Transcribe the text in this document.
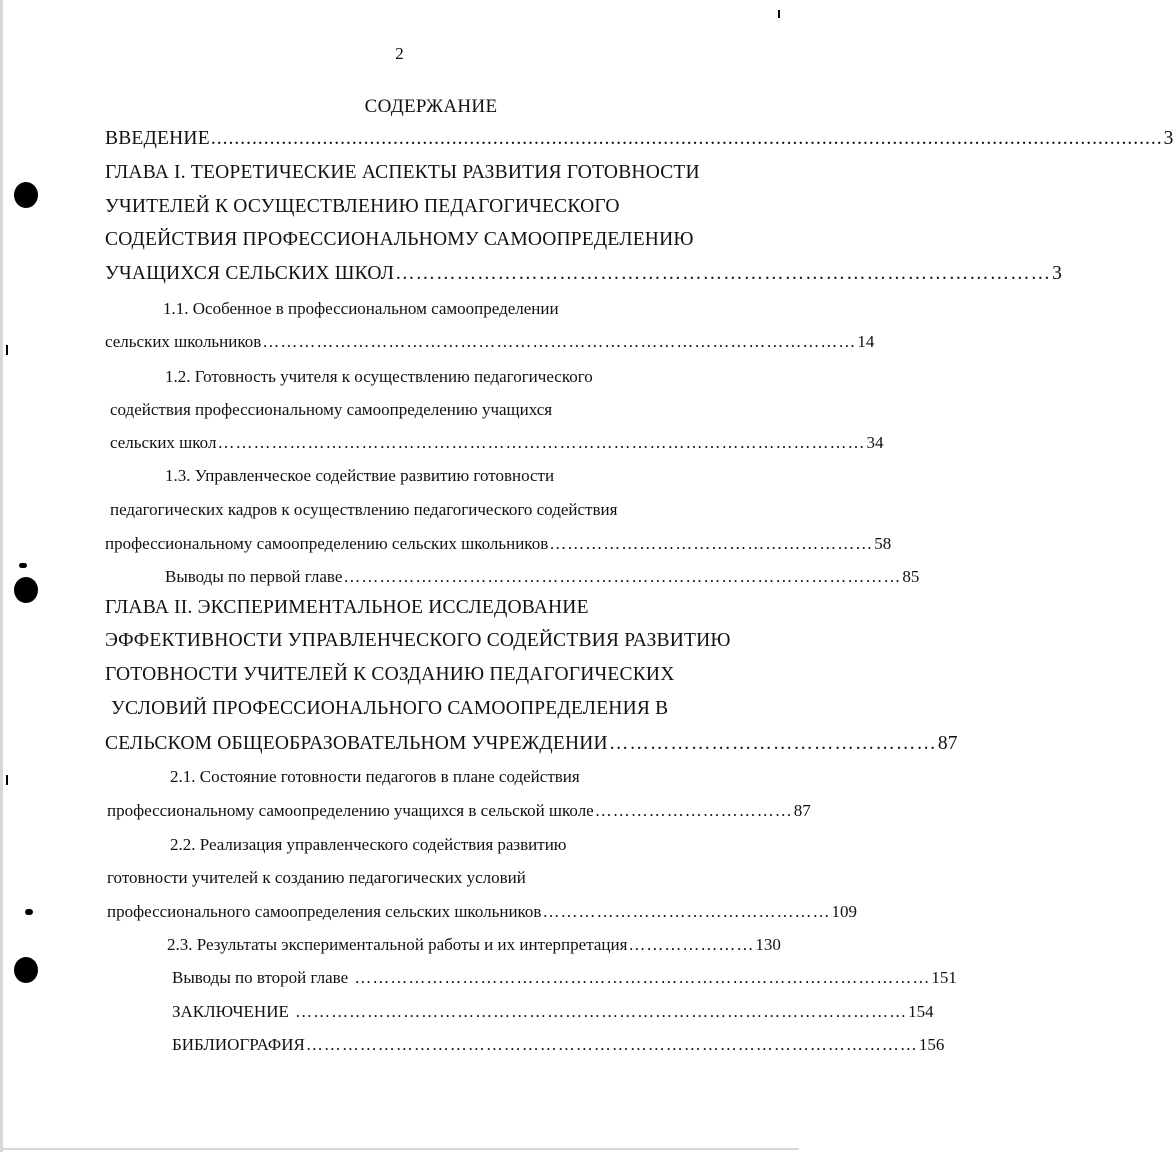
2
СОДЕРЖАНИЕ
ВВЕДЕНИЕ .................................................................................................................................................................. 3
ГЛАВА I. ТЕОРЕТИЧЕСКИЕ АСПЕКТЫ РАЗВИТИЯ ГОТОВНОСТИ
УЧИТЕЛЕЙ К ОСУЩЕСТВЛЕНИЮ ПЕДАГОГИЧЕСКОГО
СОДЕЙСТВИЯ ПРОФЕССИОНАЛЬНОМУ САМООПРЕДЕЛЕНИЮ
УЧАЩИХСЯ СЕЛЬСКИХ ШКОЛ …………………………………………………………………………………… 3
1.1. Особенное в профессиональном самоопределении
сельских школьников ……………………………………………………………………………………… 14
1.2. Готовность учителя к осуществлению педагогического
содействия профессиональному самоопределению учащихся
сельских школ ……………………………………………………………………………………………… 34
1.3. Управленческое содействие развитию готовности
педагогических кадров к осуществлению педагогического содействия
профессиональному самоопределению сельских школьников ……………………………………………… 58
Выводы по первой главе ………………………………………………………………………………… 85
ГЛАВА II. ЭКСПЕРИМЕНТАЛЬНОЕ ИССЛЕДОВАНИЕ
ЭФФЕКТИВНОСТИ УПРАВЛЕНЧЕСКОГО СОДЕЙСТВИЯ РАЗВИТИЮ
ГОТОВНОСТИ УЧИТЕЛЕЙ К СОЗДАНИЮ ПЕДАГОГИЧЕСКИХ
УСЛОВИЙ ПРОФЕССИОНАЛЬНОГО САМООПРЕДЕЛЕНИЯ В
СЕЛЬСКОМ ОБЩЕОБРАЗОВАТЕЛЬНОМ УЧРЕЖДЕНИИ ………………………………………… 87
2.1. Состояние готовности педагогов в плане содействия
профессиональному самоопределению учащихся в сельской школе …………………………… 87
2.2. Реализация управленческого содействия развитию
готовности учителей к созданию педагогических условий
профессионального самоопределения сельских школьников ………………………………………… 109
2.3. Результаты экспериментальной работы и их интерпретация ………………… 130
Выводы по второй главе …………………………………………………………………………………… 151
ЗАКЛЮЧЕНИЕ ………………………………………………………………………………………… 154
БИБЛИОГРАФИЯ ………………………………………………………………………………………… 156
